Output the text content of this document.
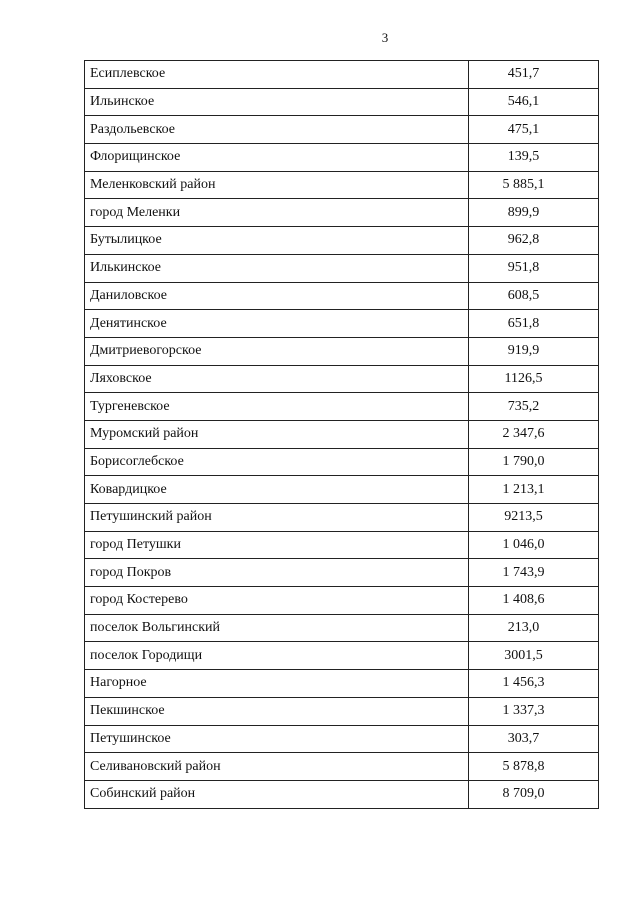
3
Есиплевское	451,7
Ильинское	546,1
Раздольевское	475,1
Флорищинское	139,5
Меленковский район	5 885,1
город Меленки	899,9
Бутылицкое	962,8
Илькинское	951,8
Даниловское	608,5
Денятинское	651,8
Дмитриевогорское	919,9
Ляховское	1126,5
Тургеневское	735,2
Муромский район	2 347,6
Борисоглебское	1 790,0
Ковардицкое	1 213,1
Петушинский район	9213,5
город Петушки	1 046,0
город Покров	1 743,9
город Костерево	1 408,6
поселок Вольгинский	213,0
поселок Городищи	3001,5
Нагорное	1 456,3
Пекшинское	1 337,3
Петушинское	303,7
Селивановский район	5 878,8
Собинский район	8 709,0
